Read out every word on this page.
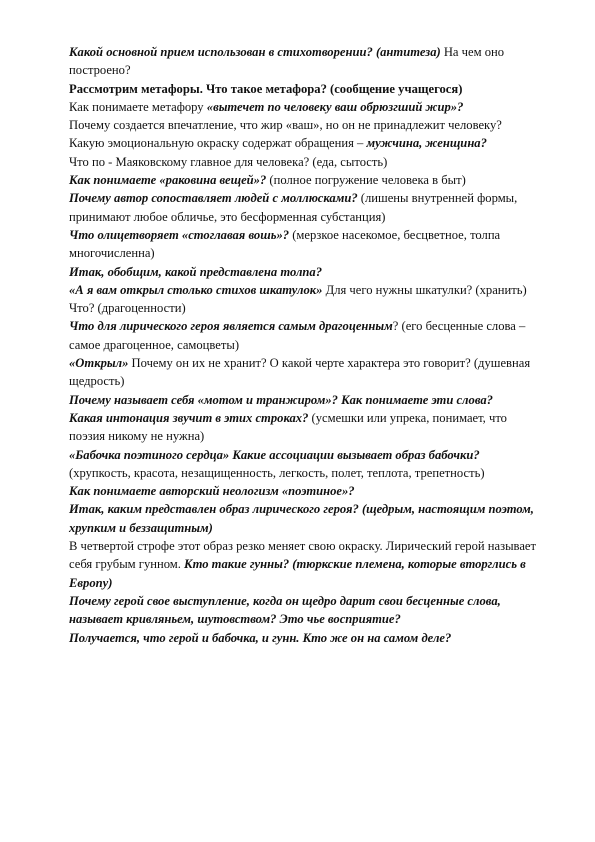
Какой основной прием использован в стихотворении? (антитеза) На чем оно построено?

Рассмотрим метафоры. Что такое метафора? (сообщение учащегося)

Как понимаете метафору «вытечет по человеку ваш обрюзгший жир»?

Почему создается впечатление, что жир «ваш», но он не принадлежит человеку?

Какую эмоциональную окраску содержат обращения – мужчина, женщина?

Что по - Маяковскому главное для человека? (еда, сытость)

Как понимаете «раковина вещей»? (полное погружение человека в быт)

Почему автор сопоставляет людей с моллюсками? (лишены внутренней формы, принимают любое обличье, это бесформенная субстанция)

Что олицетворяет «стоглавая вошь»? (мерзкое насекомое, бесцветное, толпа многочисленна)

Итак, обобщим, какой представлена толпа?

«А я вам открыл столько стихов шкатулок» Для чего нужны шкатулки? (хранить) Что? (драгоценности)

Что для лирического героя является самым драгоценным? (его бесценные слова – самое драгоценное, самоцветы)

«Открыл» Почему он их не хранит? О какой черте характера это говорит? (душевная щедрость)

Почему называет себя «мотом и транжиром»? Как понимаете эти слова?

Какая интонация звучит в этих строках? (усмешки или упрека, понимает, что поэзия никому не нужна)

«Бабочка поэтиного сердца» Какие ассоциации вызывает образ бабочки? (хрупкость, красота, незащищенность, легкость, полет, теплота, трепетность)

Как понимаете авторский неологизм «поэтиное»?

Итак, каким представлен образ лирического героя? (щедрым, настоящим поэтом, хрупким и беззащитным)

В четвертой строфе этот образ резко меняет свою окраску. Лирический герой называет себя грубым гунном. Кто такие гунны? (тюркские племена, которые вторглись в Европу)

Почему герой свое выступление, когда он щедро дарит свои бесценные слова, называет кривляньем, шутовством? Это чье восприятие?

Получается, что герой и бабочка, и гунн. Кто же он на самом деле?
